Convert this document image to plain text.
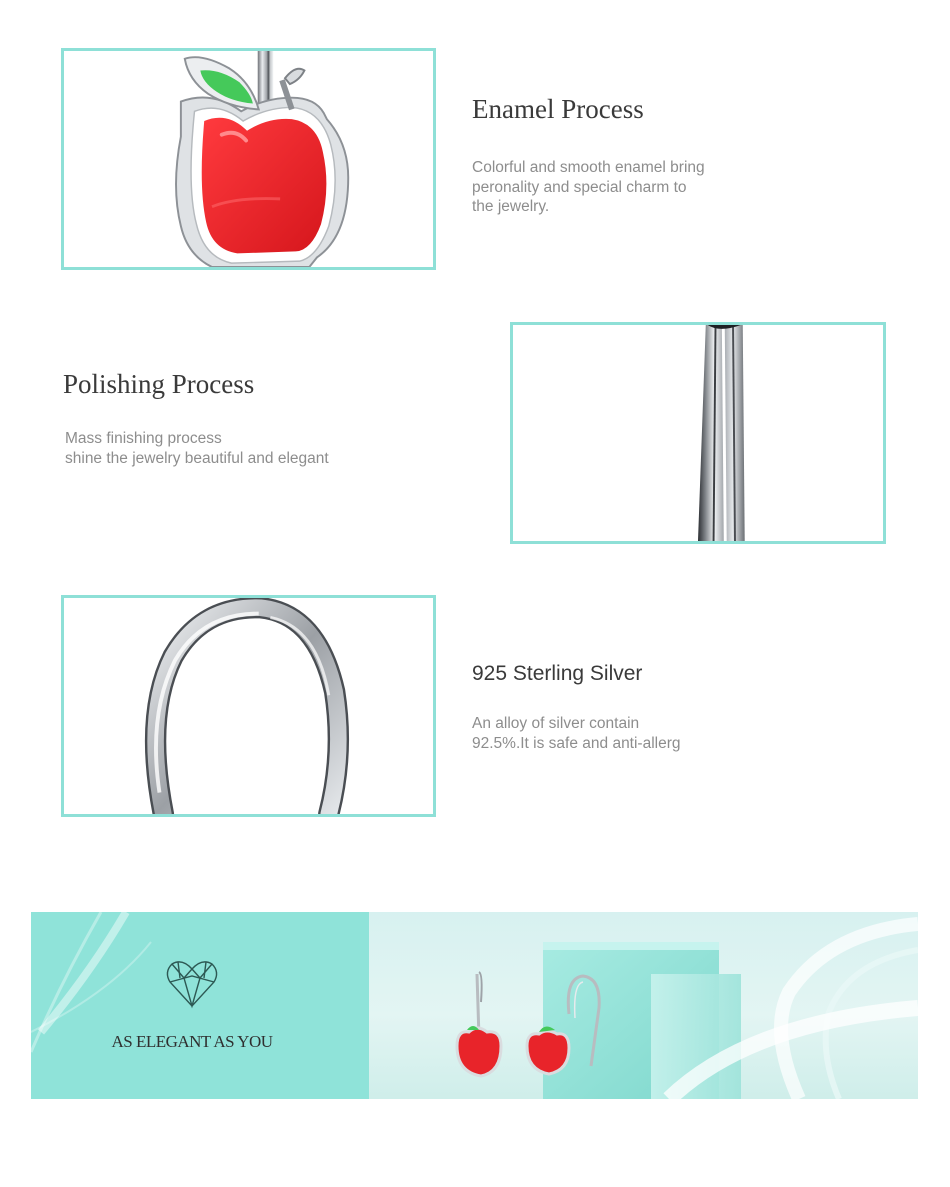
Enamel Process
Colorful and smooth enamel bring
peronality and special charm to
the jewelry.
Polishing Process
Mass finishing process
shine the jewelry beautiful and elegant
925 Sterling Silver
An alloy of silver contain
92.5%.It is safe and anti-allerg
AS ELEGANT AS YOU
